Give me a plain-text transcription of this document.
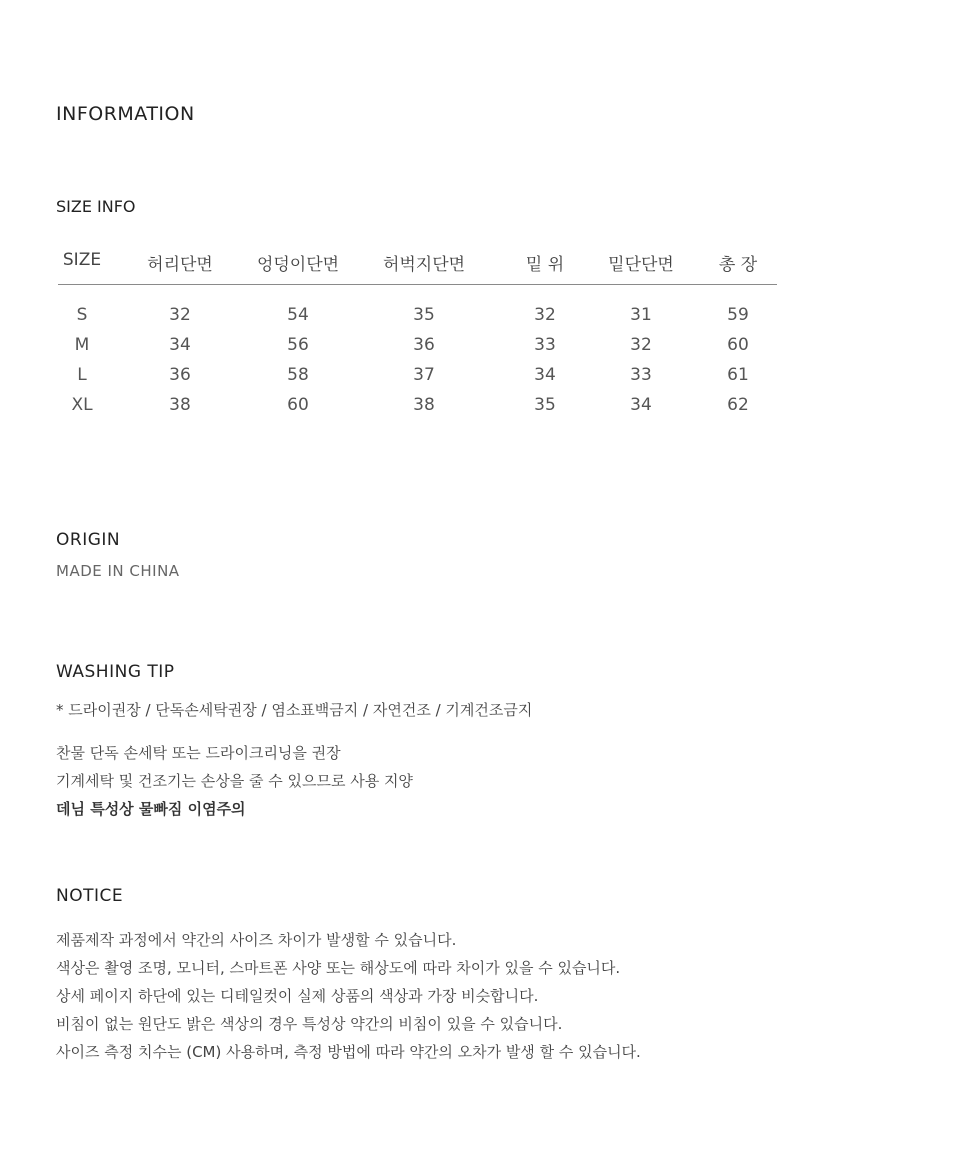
INFORMATION
SIZE INFO
SIZE	허리단면	엉덩이단면	허벅지단면	밑 위	밑단단면	총 장
S	32	54	35	32	31	59
M	34	56	36	33	32	60
L	36	58	37	34	33	61
XL	38	60	38	35	34	62
ORIGIN
MADE IN CHINA
WASHING TIP
* 드라이권장 / 단독손세탁권장 / 염소표백금지 / 자연건조 / 기계건조금지
찬물 단독 손세탁 또는 드라이크리닝을 권장
기계세탁 및 건조기는 손상을 줄 수 있으므로 사용 지양
데님 특성상 물빠짐 이염주의
NOTICE
제품제작 과정에서 약간의 사이즈 차이가 발생할 수 있습니다.
색상은 촬영 조명, 모니터, 스마트폰 사양 또는 해상도에 따라 차이가 있을 수 있습니다.
상세 페이지 하단에 있는 디테일컷이 실제 상품의 색상과 가장 비슷합니다.
비침이 없는 원단도 밝은 색상의 경우 특성상 약간의 비침이 있을 수 있습니다.
사이즈 측정 치수는 (CM) 사용하며, 측정 방법에 따라 약간의 오차가 발생 할 수 있습니다.
